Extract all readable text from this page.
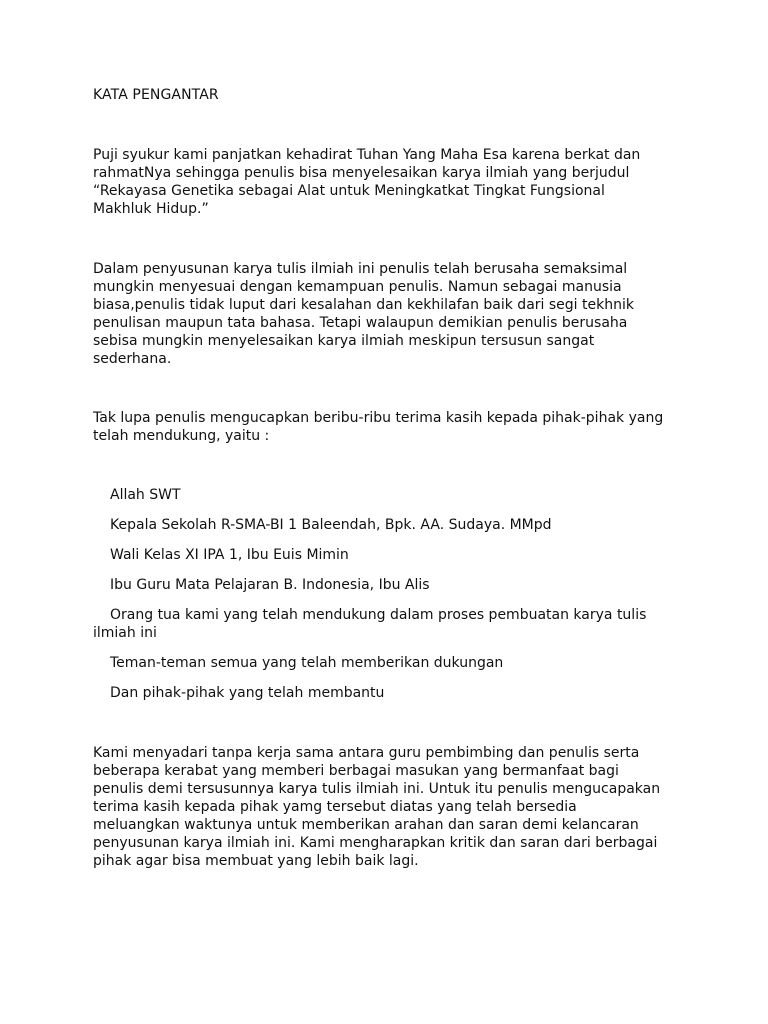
KATA PENGANTAR
Puji syukur kami panjatkan kehadirat Tuhan Yang Maha Esa karena berkat dan
rahmatNya sehingga penulis bisa menyelesaikan karya ilmiah yang berjudul
“Rekayasa Genetika sebagai Alat untuk Meningkatkat Tingkat Fungsional
Makhluk Hidup.”
Dalam penyusunan karya tulis ilmiah ini penulis telah berusaha semaksimal
mungkin menyesuai dengan kemampuan penulis. Namun sebagai manusia
biasa,penulis tidak luput dari kesalahan dan kekhilafan baik dari segi tekhnik
penulisan maupun tata bahasa. Tetapi walaupun demikian penulis berusaha
sebisa mungkin menyelesaikan karya ilmiah meskipun tersusun sangat
sederhana.
Tak lupa penulis mengucapkan beribu-ribu terima kasih kepada pihak-pihak yang
telah mendukung, yaitu :
Allah SWT
Kepala Sekolah R-SMA-BI 1 Baleendah, Bpk. AA. Sudaya. MMpd
Wali Kelas XI IPA 1, Ibu Euis Mimin
Ibu Guru Mata Pelajaran B. Indonesia, Ibu Alis
Orang tua kami yang telah mendukung dalam proses pembuatan karya tulis
ilmiah ini
Teman-teman semua yang telah memberikan dukungan
Dan pihak-pihak yang telah membantu
Kami menyadari tanpa kerja sama antara guru pembimbing dan penulis serta
beberapa kerabat yang memberi berbagai masukan yang bermanfaat bagi
penulis demi tersusunnya karya tulis ilmiah ini. Untuk itu penulis mengucapakan
terima kasih kepada pihak yamg tersebut diatas yang telah bersedia
meluangkan waktunya untuk memberikan arahan dan saran demi kelancaran
penyusunan karya ilmiah ini. Kami mengharapkan kritik dan saran dari berbagai
pihak agar bisa membuat yang lebih baik lagi.
